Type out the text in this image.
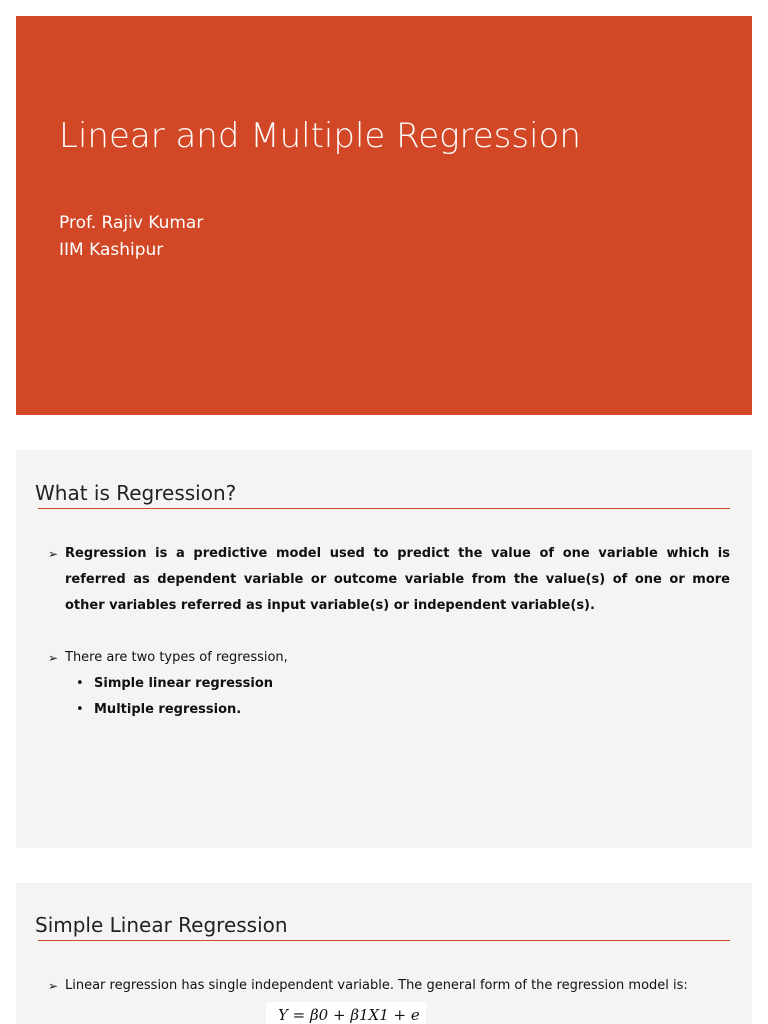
Linear and Multiple Regression
Prof. Rajiv Kumar
IIM Kashipur
What is Regression?
➢ Regression is a predictive model used to predict the value of one variable which is referred as dependent variable or outcome variable from the value(s) of one or more other variables referred as input variable(s) or independent variable(s).
➢ There are two types of regression,
• Simple linear regression
• Multiple regression.
Simple Linear Regression
➢ Linear regression has single independent variable. The general form of the regression model is:
Y = β0 + β1X1 + e
